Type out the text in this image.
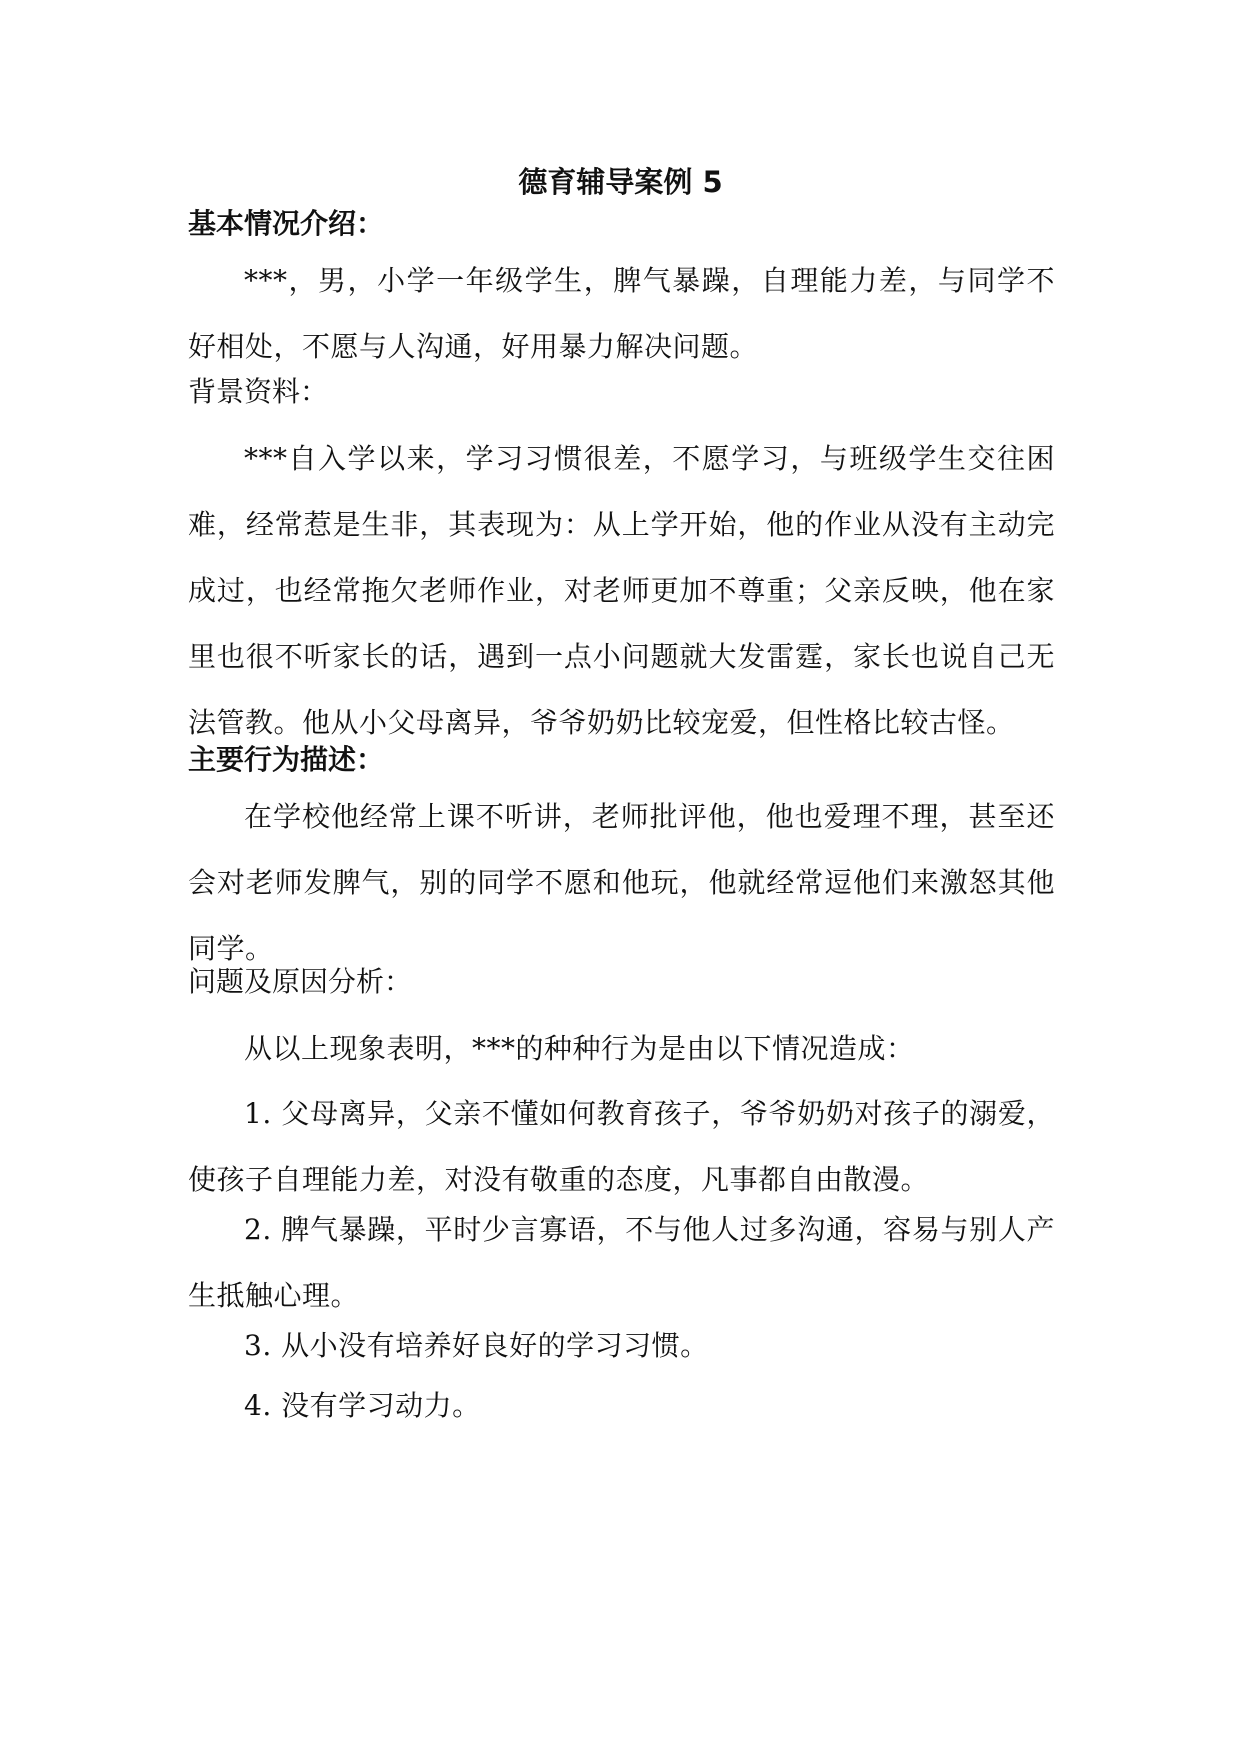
德育辅导案例 5
基本情况介绍：

***，男，小学一年级学生，脾气暴躁，自理能力差，与同学不好相处，不愿与人沟通，好用暴力解决问题。

背景资料：

***自入学以来，学习习惯很差，不愿学习，与班级学生交往困难，经常惹是生非，其表现为：从上学开始，他的作业从没有主动完成过，也经常拖欠老师作业，对老师更加不尊重；父亲反映，他在家里也很不听家长的话，遇到一点小问题就大发雷霆，家长也说自己无法管教。他从小父母离异，爷爷奶奶比较宠爱，但性格比较古怪。

主要行为描述：

在学校他经常上课不听讲，老师批评他，他也爱理不理，甚至还会对老师发脾气，别的同学不愿和他玩，他就经常逗他们来激怒其他同学。

问题及原因分析：

从以上现象表明，***的种种行为是由以下情况造成：

1. 父母离异，父亲不懂如何教育孩子，爷爷奶奶对孩子的溺爱，使孩子自理能力差，对没有敬重的态度，凡事都自由散漫。

2. 脾气暴躁，平时少言寡语，不与他人过多沟通，容易与别人产生抵触心理。

3. 从小没有培养好良好的学习习惯。

4. 没有学习动力。
